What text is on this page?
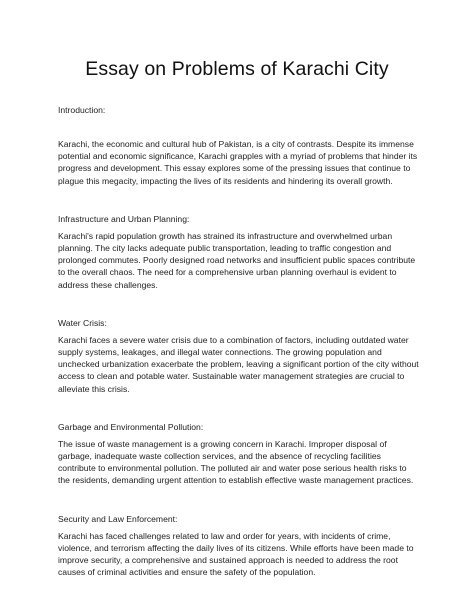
Essay on Problems of Karachi City

Introduction:

Karachi, the economic and cultural hub of Pakistan, is a city of contrasts. Despite its immense potential and economic significance, Karachi grapples with a myriad of problems that hinder its progress and development. This essay explores some of the pressing issues that continue to plague this megacity, impacting the lives of its residents and hindering its overall growth.

Infrastructure and Urban Planning:

Karachi's rapid population growth has strained its infrastructure and overwhelmed urban planning. The city lacks adequate public transportation, leading to traffic congestion and prolonged commutes. Poorly designed road networks and insufficient public spaces contribute to the overall chaos. The need for a comprehensive urban planning overhaul is evident to address these challenges.

Water Crisis:

Karachi faces a severe water crisis due to a combination of factors, including outdated water supply systems, leakages, and illegal water connections. The growing population and unchecked urbanization exacerbate the problem, leaving a significant portion of the city without access to clean and potable water. Sustainable water management strategies are crucial to alleviate this crisis.

Garbage and Environmental Pollution:

The issue of waste management is a growing concern in Karachi. Improper disposal of garbage, inadequate waste collection services, and the absence of recycling facilities contribute to environmental pollution. The polluted air and water pose serious health risks to the residents, demanding urgent attention to establish effective waste management practices.

Security and Law Enforcement:

Karachi has faced challenges related to law and order for years, with incidents of crime, violence, and terrorism affecting the daily lives of its citizens. While efforts have been made to improve security, a comprehensive and sustained approach is needed to address the root causes of criminal activities and ensure the safety of the population.
